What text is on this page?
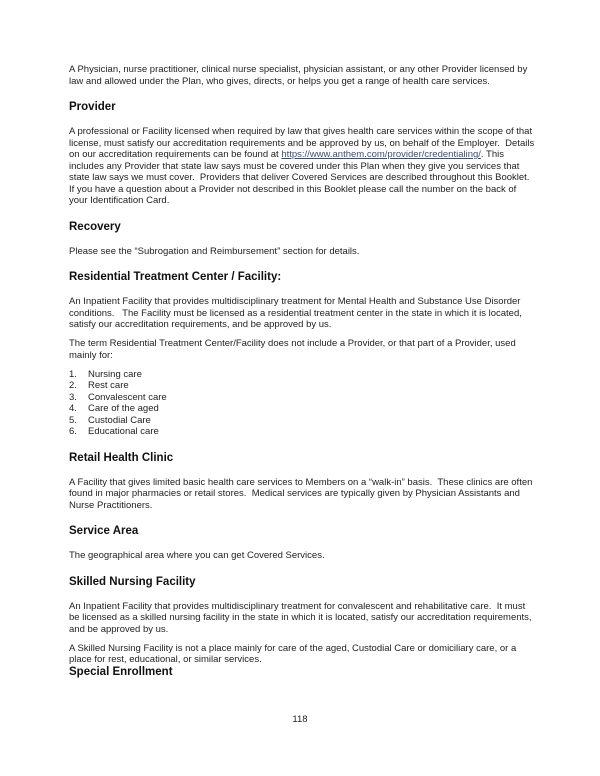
A Physician, nurse practitioner, clinical nurse specialist, physician assistant, or any other Provider licensed by law and allowed under the Plan, who gives, directs, or helps you get a range of health care services.

Provider

A professional or Facility licensed when required by law that gives health care services within the scope of that license, must satisfy our accreditation requirements and be approved by us, on behalf of the Employer.  Details on our accreditation requirements can be found at https://www.anthem.com/provider/credentialing/. This includes any Provider that state law says must be covered under this Plan when they give you services that state law says we must cover.  Providers that deliver Covered Services are described throughout this Booklet.  If you have a question about a Provider not described in this Booklet please call the number on the back of your Identification Card.

Recovery

Please see the “Subrogation and Reimbursement” section for details.

Residential Treatment Center / Facility:

An Inpatient Facility that provides multidisciplinary treatment for Mental Health and Substance Use Disorder conditions.   The Facility must be licensed as a residential treatment center in the state in which it is located, satisfy our accreditation requirements, and be approved by us.

The term Residential Treatment Center/Facility does not include a Provider, or that part of a Provider, used mainly for:

1. Nursing care
2. Rest care
3. Convalescent care
4. Care of the aged
5. Custodial Care
6. Educational care
Retail Health Clinic

A Facility that gives limited basic health care services to Members on a “walk-in” basis.  These clinics are often found in major pharmacies or retail stores.  Medical services are typically given by Physician Assistants and Nurse Practitioners.

Service Area

The geographical area where you can get Covered Services.

Skilled Nursing Facility

An Inpatient Facility that provides multidisciplinary treatment for convalescent and rehabilitative care.  It must be licensed as a skilled nursing facility in the state in which it is located, satisfy our accreditation requirements, and be approved by us.

A Skilled Nursing Facility is not a place mainly for care of the aged, Custodial Care or domiciliary care, or a place for rest, educational, or similar services.

Special Enrollment
118
